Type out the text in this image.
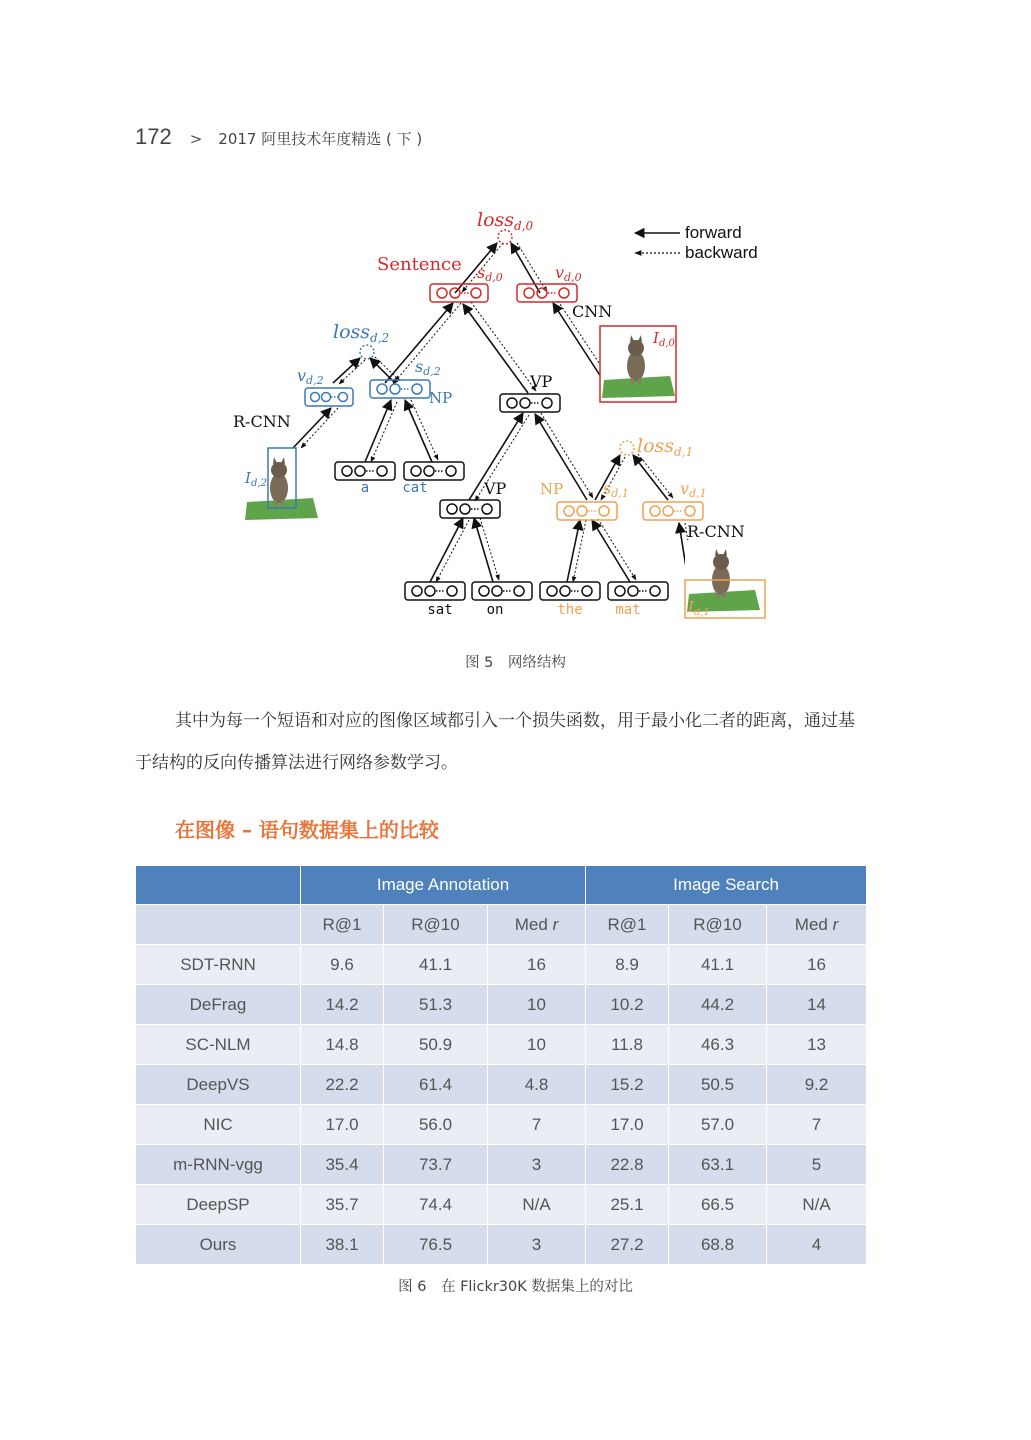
172 > 2017 阿里技术年度精选 ( 下 )
forward
backward
loss$_{d,0}$
Sentence sd,0	vd,0
CNN
$I_{d,0}$
loss$_{d,2}$
vd,2
sd,2
NP
VP
R-CNN
$I_{d,2}$
loss$_{d,1}$
NP sd,1	vd,1
VP
R-CNN
$I_{d,1}$
a cat
sat on	the mat
图 5　网络结构

其中为每一个短语和对应的图像区域都引入一个损失函数，用于最小化二者的距离，通过基于结构的反向传播算法进行网络参数学习。

在图像 – 语句数据集上的比较
	Image Annotation			Image Search		
	R@1	R@10	Med r	R@1	R@10	Med r
SDT-RNN	9.6	41.1	16	8.9	41.1	16
DeFrag	14.2	51.3	10	10.2	44.2	14
SC-NLM	14.8	50.9	10	11.8	46.3	13
DeepVS	22.2	61.4	4.8	15.2	50.5	9.2
NIC	17.0	56.0	7	17.0	57.0	7
m-RNN-vgg	35.4	73.7	3	22.8	63.1	5
DeepSP	35.7	74.4	N/A	25.1	66.5	N/A
Ours	38.1	76.5	3	27.2	68.8	4
图 6　在 Flickr30K 数据集上的对比
